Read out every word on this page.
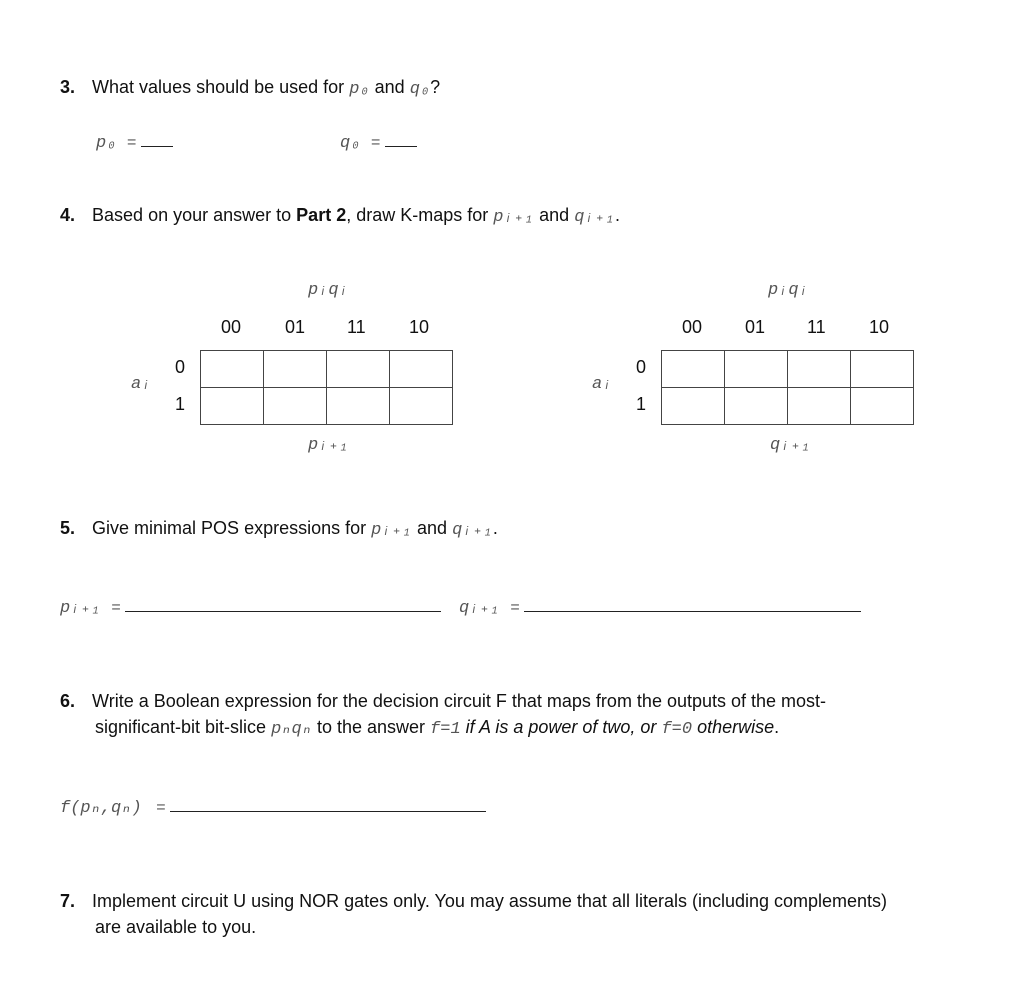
3. What values should be used for p₀ and q₀?
p₀ =	q₀ =
4. Based on your answer to Part 2, draw K-maps for pᵢ₊₁ and qᵢ₊₁.
pᵢqᵢ
00 01 11 10
aᵢ
0
1

pᵢ₊₁
pᵢqᵢ
00 01 11 10
aᵢ
0
1

qᵢ₊₁
5. Give minimal POS expressions for pᵢ₊₁ and qᵢ₊₁.
pᵢ₊₁ =	qᵢ₊₁ =
6. Write a Boolean expression for the decision circuit F that maps from the outputs of the most-
significant-bit bit-slice pₙqₙ to the answer f=1 if A is a power of two, or f=0 otherwise.
f(pₙ,qₙ) =
7. Implement circuit U using NOR gates only. You may assume that all literals (including complements)
are available to you.
